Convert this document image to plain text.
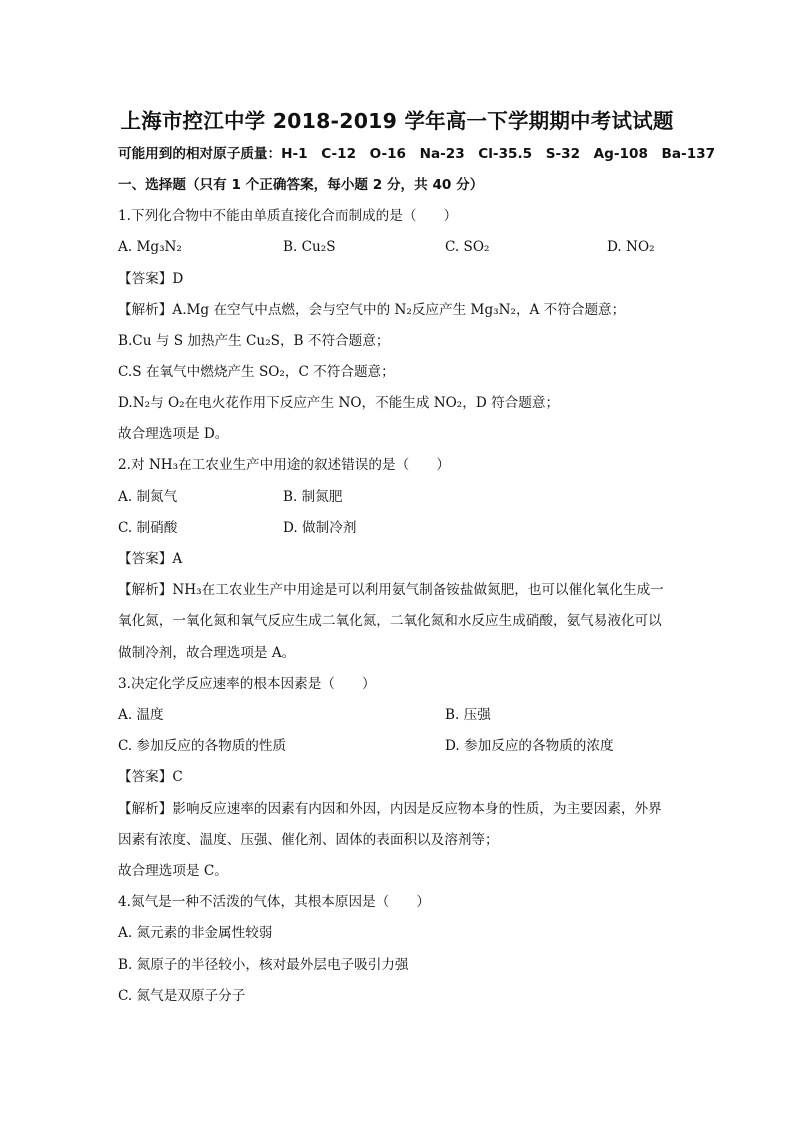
上海市控江中学 2018-2019 学年高一下学期期中考试试题
可能用到的相对原子质量：H-1　C-12　O-16　Na-23　Cl-35.5　S-32　Ag-108　Ba-137
一、选择题（只有 1 个正确答案，每小题 2 分，共 40 分）
1.下列化合物中不能由单质直接化合而制成的是（　　）
A. Mg₃N₂	B. Cu₂S	C. SO₂	D. NO₂
【答案】D
【解析】A.Mg 在空气中点燃，会与空气中的 N₂反应产生 Mg₃N₂，A 不符合题意；
B.Cu 与 S 加热产生 Cu₂S，B 不符合题意；
C.S 在氧气中燃烧产生 SO₂，C 不符合题意；
D.N₂与 O₂在电火花作用下反应产生 NO，不能生成 NO₂，D 符合题意；
故合理选项是 D。
2.对 NH₃在工农业生产中用途的叙述错误的是（　　）
A. 制氮气	B. 制氮肥
C. 制硝酸	D. 做制冷剂
【答案】A
【解析】NH₃在工农业生产中用途是可以利用氨气制备铵盐做氮肥，也可以催化氧化生成一
氧化氮，一氧化氮和氧气反应生成二氧化氮，二氧化氮和水反应生成硝酸，氨气易液化可以
做制冷剂，故合理选项是 A。
3.决定化学反应速率的根本因素是（　　）
A. 温度	B. 压强
C. 参加反应的各物质的性质	D. 参加反应的各物质的浓度
【答案】C
【解析】影响反应速率的因素有内因和外因，内因是反应物本身的性质，为主要因素，外界
因素有浓度、温度、压强、催化剂、固体的表面积以及溶剂等；
故合理选项是 C。
4.氮气是一种不活泼的气体，其根本原因是（　　）
A. 氮元素的非金属性较弱
B. 氮原子的半径较小，核对最外层电子吸引力强
C. 氮气是双原子分子
